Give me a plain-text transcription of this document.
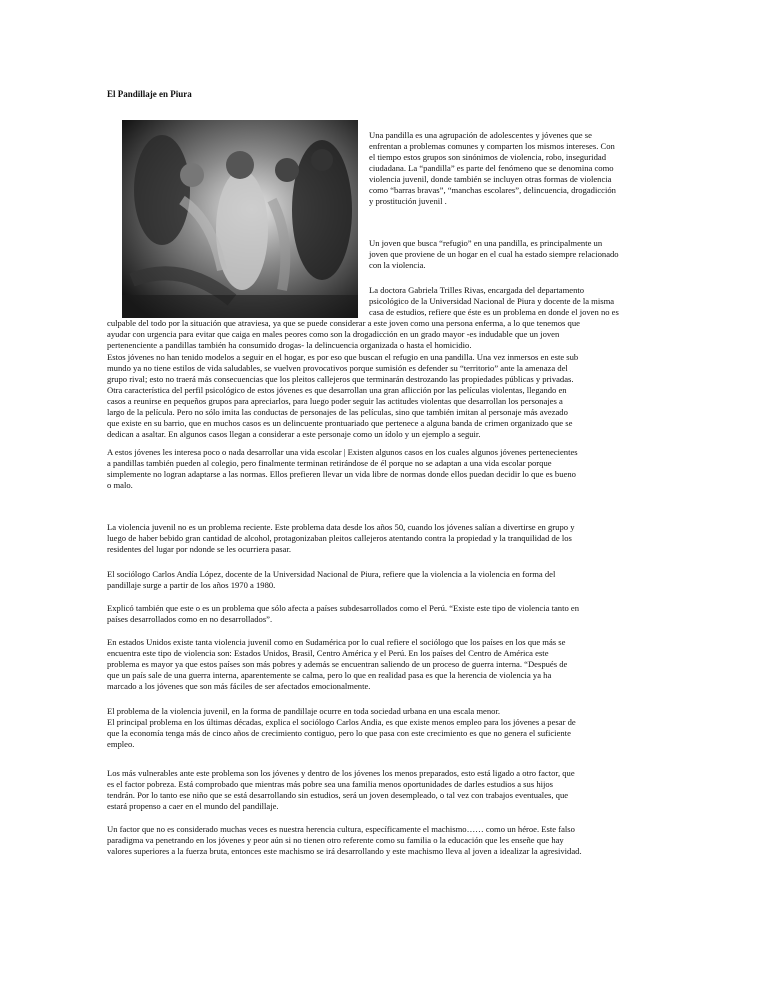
El Pandillaje en Piura

Una pandilla es una agrupación de adolescentes y jóvenes que se
enfrentan a problemas comunes y comparten los mismos intereses. Con
el tiempo estos grupos son sinónimos de violencia, robo, inseguridad
ciudadana. La “pandilla” es parte del fenómeno que se denomina como
violencia juvenil, donde también se incluyen otras formas de violencia
como “barras bravas”, “manchas escolares”, delincuencia, drogadicción
y prostitución juvenil .

Un joven que busca “refugio” en una pandilla, es principalmente un
joven que proviene de un hogar en el cual ha estado siempre relacionado
con la violencia.

La doctora Gabriela Trilles Rivas, encargada del departamento
psicológico de la Universidad Nacional de Piura y docente de la misma

casa de estudios, refiere que éste es un problema en donde el joven no es
culpable del todo por la situación que atraviesa, ya que se puede considerar a este joven como una persona enferma, a lo que tenemos que
ayudar con urgencia para evitar que caiga en males peores como son la drogadicción en un grado mayor -es indudable que un joven
pertenenciente a pandillas también ha consumido drogas- la delincuencia organizada o hasta el homicidio.

Estos jóvenes no han tenido modelos a seguir en el hogar, es por eso que buscan el refugio en una pandilla. Una vez inmersos en este sub
mundo ya no tiene estilos de vida saludables, se vuelven provocativos porque sumisión es defender su “territorio” ante la amenaza del
grupo rival; esto no traerá más consecuencias que los pleitos callejeros que terminarán destrozando las propiedades públicas y privadas.
Otra característica del perfil psicológico de estos jóvenes es que desarrollan una gran aflicción por las películas violentas, llegando en
casos a reunirse en pequeños grupos para apreciarlos, para luego poder seguir las actitudes violentas que desarrollan los personajes a
largo de la película. Pero no sólo imita las conductas de personajes de las películas, sino que también imitan al personaje más avezado
que existe en su barrio, que en muchos casos es un delincuente prontuariado que pertenece a alguna banda de crimen organizado que se
dedican a asaltar. En algunos casos llegan a considerar a este personaje como un ídolo y un ejemplo a seguir.

A estos jóvenes les interesa poco o nada desarrollar una vida escolar | Existen algunos casos en los cuales algunos jóvenes pertenecientes
a pandillas también pueden al colegio, pero finalmente terminan retirándose de él porque no se adaptan a una vida escolar porque
simplemente no logran adaptarse a las normas. Ellos prefieren llevar un vida libre de normas donde ellos puedan decidir lo que es bueno
o malo.

La violencia juvenil no es un problema reciente. Este problema data desde los años 50, cuando los jóvenes salían a divertirse en grupo y
luego de haber bebido gran cantidad de alcohol, protagonizaban pleitos callejeros atentando contra la propiedad y la tranquilidad de los
residentes del lugar por ndonde se les ocurriera pasar.

El sociólogo Carlos Andía López, docente de la Universidad Nacional de Piura, refiere que la violencia a la violencia en forma del
pandillaje surge a partir de los años 1970 a 1980.

Explicó también que este o es un problema que sólo afecta a países subdesarrollados como el Perú. “Existe este tipo de violencia tanto en
países desarrollados como en no desarrollados”.

En estados Unidos existe tanta violencia juvenil como en Sudamérica por lo cual refiere el sociólogo que los países en los que más se
encuentra este tipo de violencia son: Estados Unidos, Brasil, Centro América y el Perú. En los países del Centro de América este
problema es mayor ya que estos países son más pobres y además se encuentran saliendo de un proceso de guerra interna. “Después de
que un país sale de una guerra interna, aparentemente se calma, pero lo que en realidad pasa es que la herencia de violencia ya ha
marcado a los jóvenes que son más fáciles de ser afectados emocionalmente.

El problema de la violencia juvenil, en la forma de pandillaje ocurre en toda sociedad urbana en una escala menor.
El principal problema en los últimas décadas, explica el sociólogo Carlos Andia, es que existe menos empleo para los jóvenes a pesar de
que la economía tenga más de cinco años de crecimiento contiguo, pero lo que pasa con este crecimiento es que no genera el suficiente
empleo.

Los más vulnerables ante este problema son los jóvenes y dentro de los jóvenes los menos preparados, esto está ligado a otro factor, que
es el factor pobreza. Está comprobado que mientras más pobre sea una familia menos oportunidades de darles estudios a sus hijos
tendrán. Por lo tanto ese niño que se está desarrollando sin estudios, será un joven desempleado, o tal vez con trabajos eventuales, que
estará propenso a caer en el mundo del pandillaje.

Un factor que no es considerado muchas veces es nuestra herencia cultura, específicamente el machismo…… como un héroe. Este falso
paradigma va penetrando en los jóvenes y peor aún si no tienen otro referente como su familia o la educación que les enseñe que hay
valores superiores a la fuerza bruta, entonces este machismo se irá desarrollando y este machismo lleva al joven a idealizar la agresividad.
